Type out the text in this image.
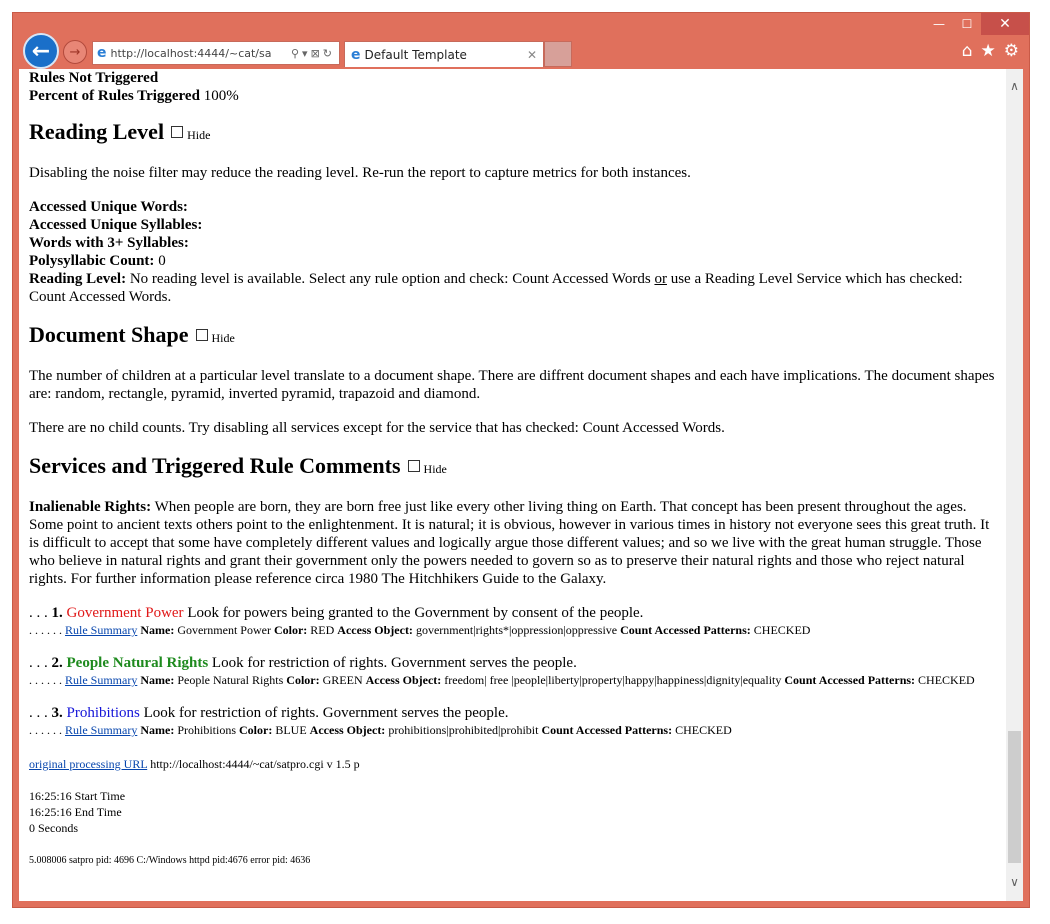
—	☐	✕
← → e http://localhost:4444/~cat/sa	⚲▾⊠↻ e Default Template	✕	⌂ ★ ⚙
Rules Not Triggered
Percent of Rules Triggered 100%
Reading Level Hide

Disabling the noise filter may reduce the reading level. Re-run the report to capture metrics for both instances.

Accessed Unique Words:
Accessed Unique Syllables:
Words with 3+ Syllables:
Polysyllabic Count: 0
Reading Level: No reading level is available. Select any rule option and check: Count Accessed Words or use a Reading Level Service which has checked: Count Accessed Words.
Document Shape Hide

The number of children at a particular level translate to a document shape. There are diffrent document shapes and each have implications. The document shapes are: random, rectangle, pyramid, inverted pyramid, trapazoid and diamond.

There are no child counts. Try disabling all services except for the service that has checked: Count Accessed Words.

Services and Triggered Rule Comments Hide

Inalienable Rights: When people are born, they are born free just like every other living thing on Earth. That concept has been present throughout the ages. Some point to ancient texts others point to the enlightenment. It is natural; it is obvious, however in various times in history not everyone sees this great truth. It is difficult to accept that some have completely different values and logically argue those different values; and so we live with the great human struggle. Those who believe in natural rights and grant their government only the powers needed to govern so as to preserve their natural rights and those who reject natural rights. For further information please reference circa 1980 The Hitchhikers Guide to the Galaxy.

. . . 1. Government Power Look for powers being granted to the Government by consent of the people.
. . . . . . Rule Summary Name: Government Power Color: RED Access Object: government|rights*|oppression|oppressive Count Accessed Patterns: CHECKED
. . . 2. People Natural Rights Look for restriction of rights. Government serves the people.
. . . . . . Rule Summary Name: People Natural Rights Color: GREEN Access Object: freedom| free |people|liberty|property|happy|happiness|dignity|equality Count Accessed Patterns: CHECKED
. . . 3. Prohibitions Look for restriction of rights. Government serves the people.
. . . . . . Rule Summary Name: Prohibitions Color: BLUE Access Object: prohibitions|prohibited|prohibit Count Accessed Patterns: CHECKED
original processing URL http://localhost:4444/~cat/satpro.cgi v 1.5 p
16:25:16 Start Time
16:25:16 End Time
0 Seconds
5.008006 satpro pid: 4696 C:/Windows httpd pid:4676 error pid: 4636
∧
∨
